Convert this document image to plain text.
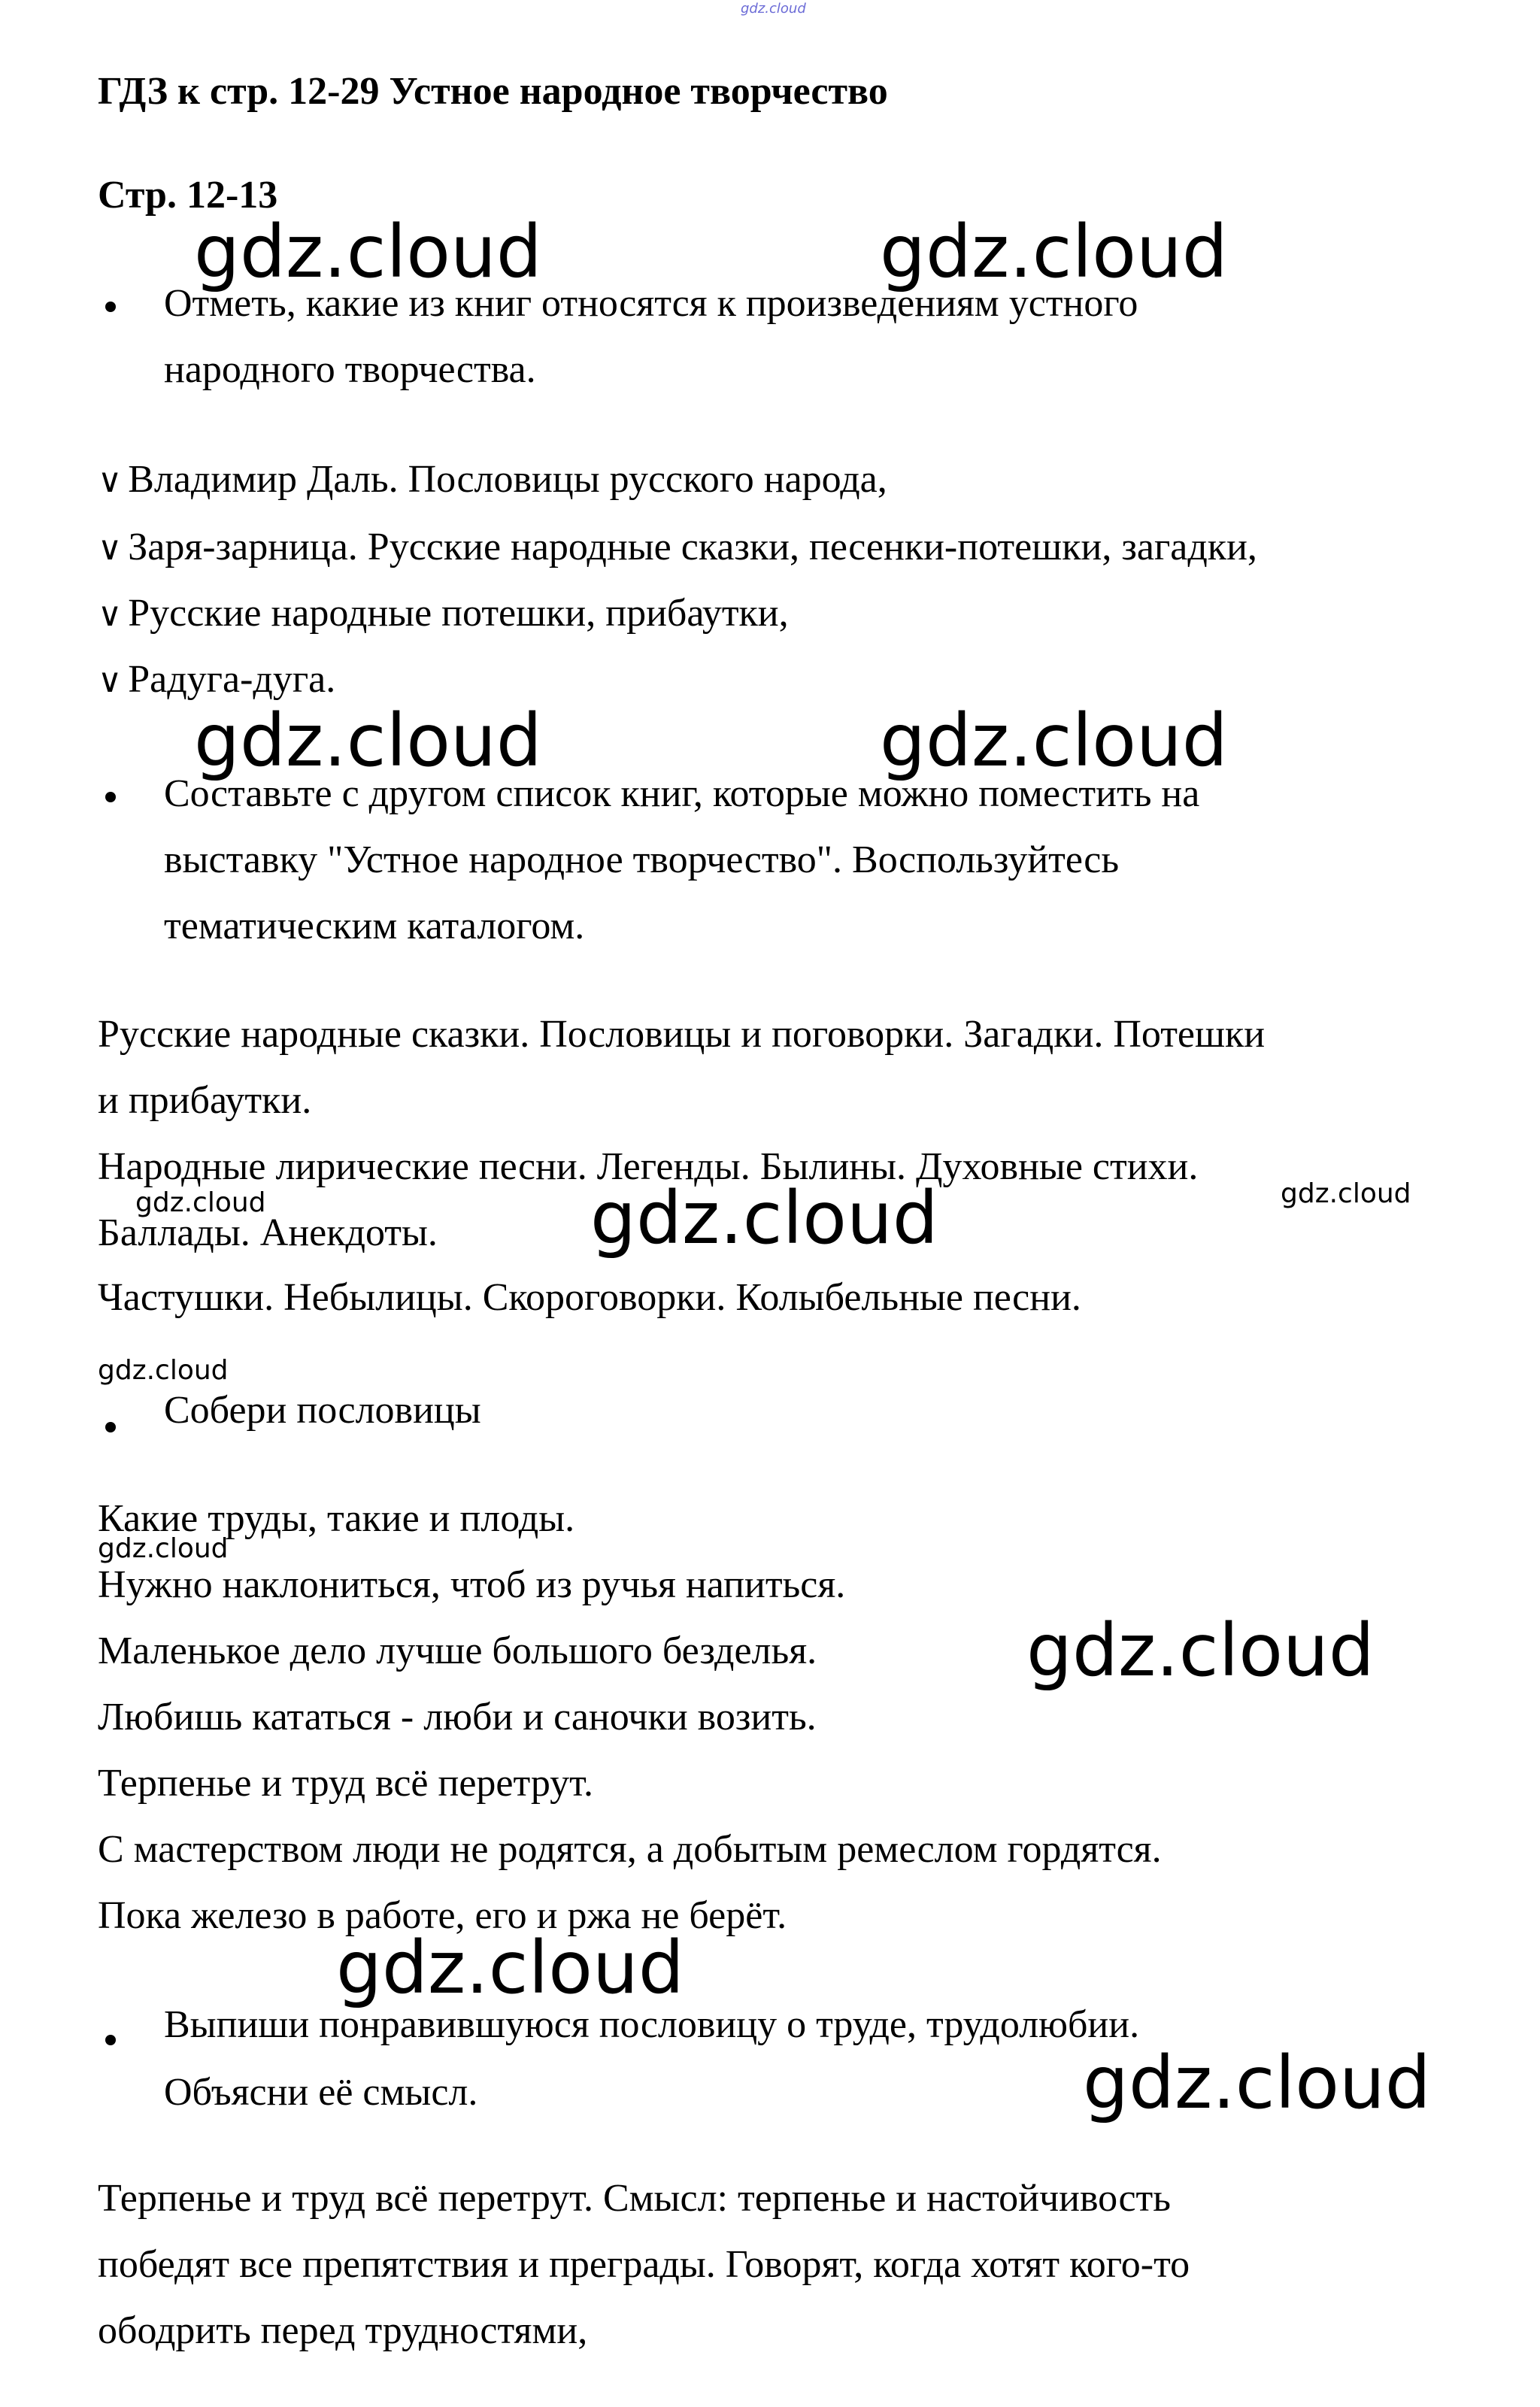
gdz.cloud
ГДЗ к стр. 12-29 Устное народное творчество
Стр. 12-13
Отметь, какие из книг относятся к произведениям устного
народного творчества.
∨ Владимир Даль. Пословицы русского народа,
∨ Заря-зарница. Русские народные сказки, песенки-потешки, загадки,
∨ Русские народные потешки, прибаутки,
∨ Радуга-дуга.
Составьте с другом список книг, которые можно поместить на
выставку "Устное народное творчество". Воспользуйтесь
тематическим каталогом.
Русские народные сказки. Пословицы и поговорки. Загадки. Потешки
и прибаутки.
Народные лирические песни. Легенды. Былины. Духовные стихи.
Баллады. Анекдоты.
Частушки. Небылицы. Скороговорки. Колыбельные песни.
Собери пословицы
Какие труды, такие и плоды.
Нужно наклониться, чтоб из ручья напиться.
Маленькое дело лучше большого безделья.
Любишь кататься - люби и саночки возить.
Терпенье и труд всё перетрут.
С мастерством люди не родятся, а добытым ремеслом гордятся.
Пока железо в работе, его и ржа не берёт.
Выпиши понравившуюся пословицу о труде, трудолюбии.
Объясни её смысл.
Терпенье и труд всё перетрут. Смысл: терпенье и настойчивость
победят все препятствия и преграды. Говорят, когда хотят кого-то
ободрить перед трудностями,
gdz.cloud	gdz.cloud
gdz.cloud	gdz.cloud
gdz.cloud	gdz.cloud	gdz.cloud
gdz.cloud
gdz.cloud
gdz.cloud
gdz.cloud
gdz.cloud
